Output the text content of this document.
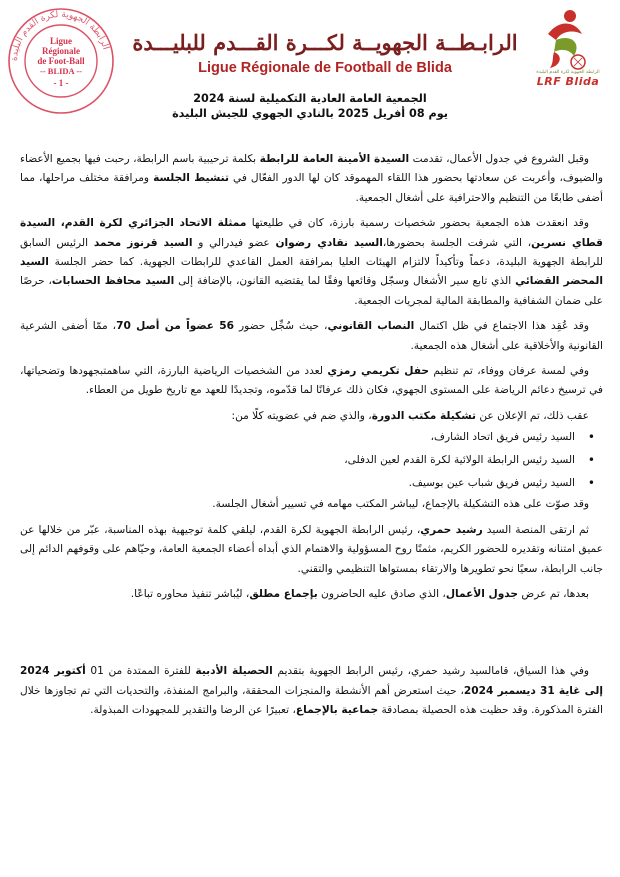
الرابطة الجهوية لكرة القدم البليدة
Ligue
Régionale
de Foot-Ball
-- BLIDA --
- 1 -
الرابـطــة الجهويــة لكـــرة القـــدم للبليـــدة
Ligue Régionale de Football de Blida	الرابطة الجهوية لكرة القدم البليدة
LRF Blida
الجمعية العامة العادية التكميلية لسنة 2024
يوم 08 أفريل 2025 بالنادي الجهوي للجيش البليدة

وقبل الشروع في جدول الأعمال، تقدمت السيدة الأمينة العامة للرابطة بكلمة ترحيبية باسم الرابطة، رحبت فيها بجميع الأعضاء والضيوف، وأعربت عن سعادتها بحضور هذا اللقاء المهموقد كان لها الدور الفعّال في تنشيط الجلسة ومرافقة مختلف مراحلها، مما أضفى طابعًا من التنظيم والاحترافية على أشغال الجمعية.

وقد انعقدت هذه الجمعية بحضور شخصيات رسمية بارزة، كان في طليعتها ممثلة الاتحاد الجزائري لكرة القدم، السيدة قطاي نسرين، التي شرفت الجلسة بحضورها،السيد نقادي رضوان عضو فيدرالي و السيد قرنوز محمد الرئيس السابق للرابطة الجهوية البليدة، دعماً وتأكيداً لالتزام الهيئات العليا بمرافقة العمل القاعدي للرابطات الجهوية. كما حضر الجلسة السيد المحضر القضائي الذي تابع سير الأشغال وسجّل وقائعها وفقًا لما يقتضيه القانون، بالإضافة إلى السيد محافظ الحسابات، حرصًا على ضمان الشفافية والمطابقة المالية لمجريات الجمعية.

وقد عُقِد هذا الاجتماع في ظل اكتمال النصاب القانوني، حيث سُجِّل حضور 56 عضواً من أصل 70، ممّا أضفى الشرعية القانونية والأخلاقية على أشغال هذه الجمعية.

وفي لمسة عرفان ووفاء، تم تنظيم حفل تكريمي رمزي لعدد من الشخصيات الرياضية البارزة، التي ساهمتبجهودها وتضحياتها، في ترسيخ دعائم الرياضة على المستوى الجهوي، فكان ذلك عرفانًا لما قدّموه، وتجديدًا للعهد مع تاريخ طويل من العطاء.

عقب ذلك، تم الإعلان عن تشكيلة مكتب الدورة، والذي ضم في عضويته كلًا من:

• السيد رئيس فريق اتحاد الشارف،
• السيد رئيس الرابطة الولائية لكرة القدم لعين الدفلى،
• السيد رئيس فريق شباب عين بوسيف.

وقد صوّت على هذه التشكيلة بالإجماع، ليباشر المكتب مهامه في تسيير أشغال الجلسة.

ثم ارتقى المنصة السيد رشيد حمري، رئيس الرابطة الجهوية لكرة القدم، ليلقي كلمة توجيهية بهذه المناسبة، عبّر من خلالها عن عميق امتنانه وتقديره للحضور الكريم، مثمنًا روح المسؤولية والاهتمام الذي أبداه أعضاء الجمعية العامة، وحيّاهم على وقوفهم الدائم إلى جانب الرابطة، سعيًا نحو تطويرها والارتقاء بمستواها التنظيمي والتقني.

بعدها، تم عرض جدول الأعمال، الذي صادق عليه الحاضرون بإجماع مطلق، ليُباشر تنفيذ محاوره تباعًا.

وفي هذا السياق، قامالسيد رشيد حمري، رئيس الرابط الجهوية بتقديم الحصيلة الأدبية للفترة الممتدة من 01 أكتوبر 2024 إلى غاية 31 ديسمبر 2024، حيث استعرض أهم الأنشطة والمنجزات المحققة، والبرامج المنفذة، والتحديات التي تم تجاوزها خلال الفترة المذكورة. وقد حظيت هذه الحصيلة بمصادقة جماعية بالإجماع، تعبيرًا عن الرضا والتقدير للمجهودات المبذولة.
